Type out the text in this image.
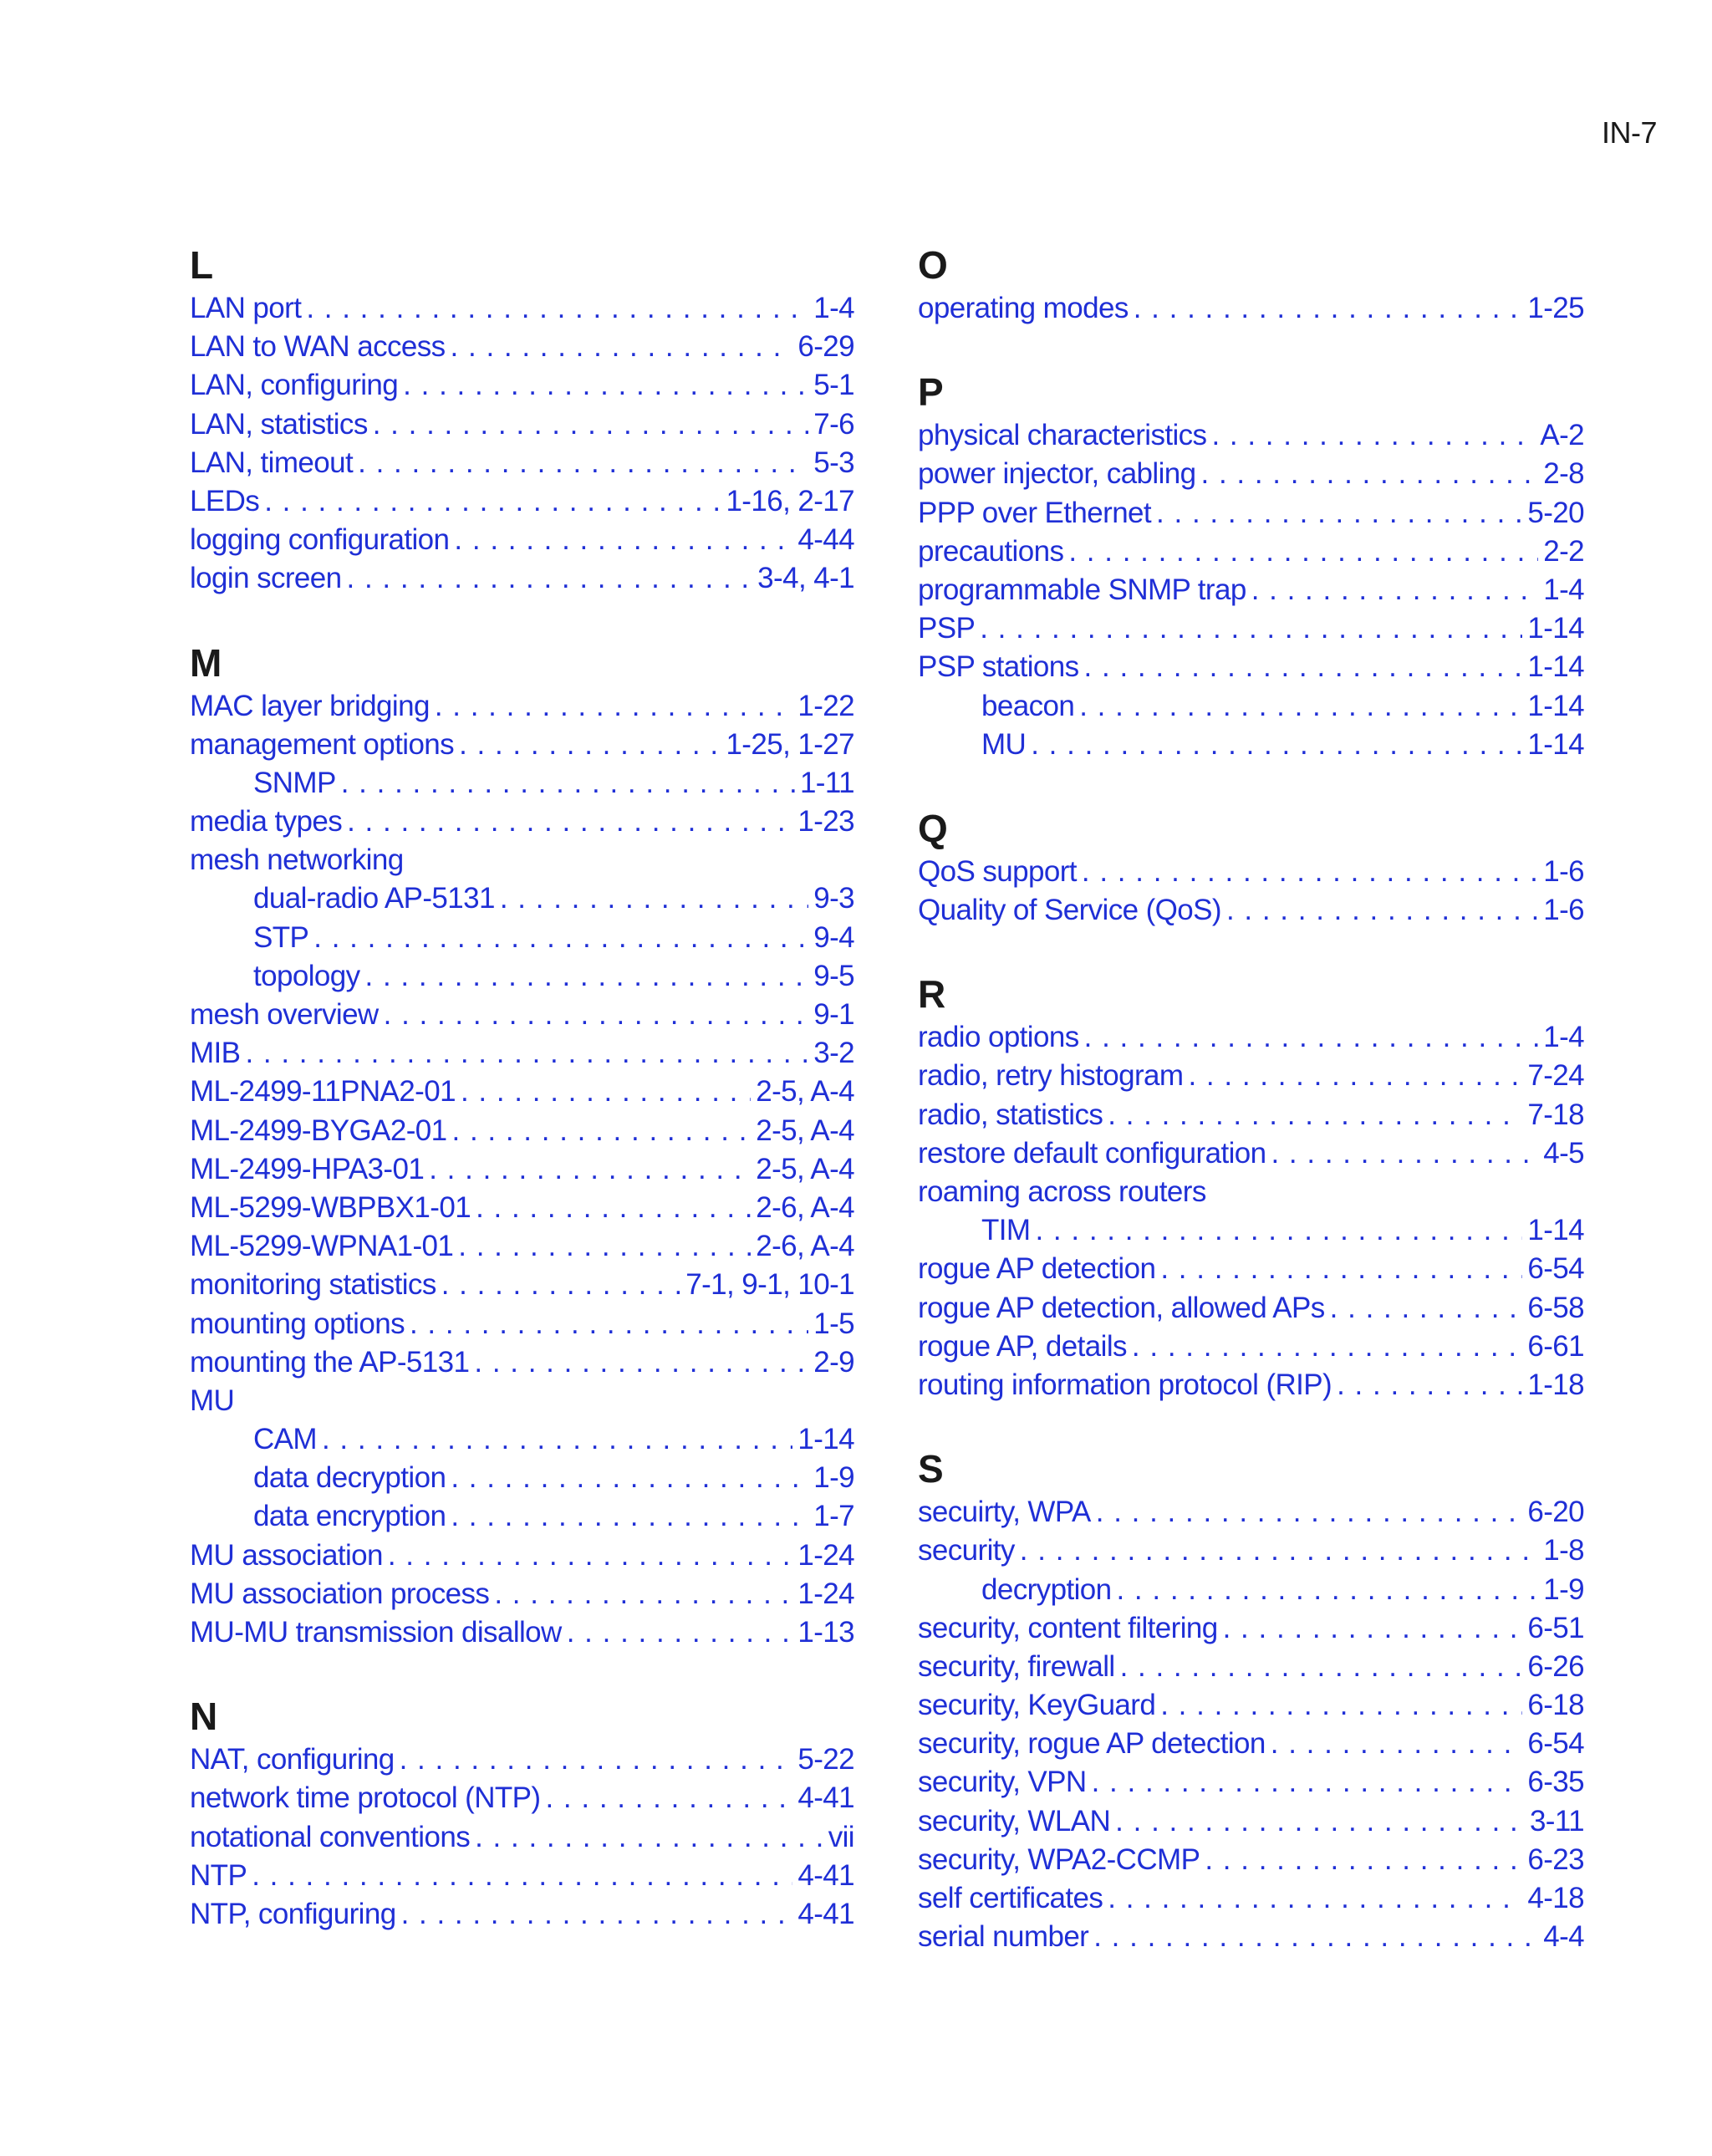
IN-7
L
LAN port . . .	1-4
LAN to WAN access . . .	6-29
LAN, configuring . . .	5-1
LAN, statistics . . .	7-6
LAN, timeout . . .	5-3
LEDs . . .	1-16, 2-17
logging configuration . . .	4-44
login screen . . .	3-4, 4-1
M
MAC layer bridging . . .	1-22
management options . . .	1-25, 1-27
SNMP . . .	1-11
media types . . .	1-23
mesh networking
dual-radio AP-5131 . . .	9-3
STP . . .	9-4
topology . . .	9-5
mesh overview . . .	9-1
MIB . . .	3-2
ML-2499-11PNA2-01 . . .	2-5, A-4
ML-2499-BYGA2-01 . . .	2-5, A-4
ML-2499-HPA3-01 . . .	2-5, A-4
ML-5299-WBPBX1-01 . . .	2-6, A-4
ML-5299-WPNA1-01 . . .	2-6, A-4
monitoring statistics . . .	7-1, 9-1, 10-1
mounting options . . .	1-5
mounting the AP-5131 . . .	2-9
MU
CAM . . .	1-14
data decryption . . .	1-9
data encryption . . .	1-7
MU association . . .	1-24
MU association process . . .	1-24
MU-MU transmission disallow . . .	1-13
N
NAT, configuring . . .	5-22
network time protocol (NTP) . . .	4-41
notational conventions . . .	vii
NTP . . .	4-41
NTP, configuring . . .	4-41
O
operating modes . . .	1-25
P
physical characteristics . . .	A-2
power injector, cabling . . .	2-8
PPP over Ethernet . . .	5-20
precautions . . .	2-2
programmable SNMP trap . . .	1-4
PSP . . .	1-14
PSP stations . . .	1-14
beacon . . .	1-14
MU . . .	1-14
Q
QoS support . . .	1-6
Quality of Service (QoS) . . .	1-6
R
radio options . . .	1-4
radio, retry histogram . . .	7-24
radio, statistics . . .	7-18
restore default configuration . . .	4-5
roaming across routers
TIM . . .	1-14
rogue AP detection . . .	6-54
rogue AP detection, allowed APs . . .	6-58
rogue AP, details . . .	6-61
routing information protocol (RIP) . . .	1-18
S
secuirty, WPA . . .	6-20
security . . .	1-8
decryption . . .	1-9
security, content filtering . . .	6-51
security, firewall . . .	6-26
security, KeyGuard . . .	6-18
security, rogue AP detection . . .	6-54
security, VPN . . .	6-35
security, WLAN . . .	3-11
security, WPA2-CCMP . . .	6-23
self certificates . . .	4-18
serial number . . .	4-4
